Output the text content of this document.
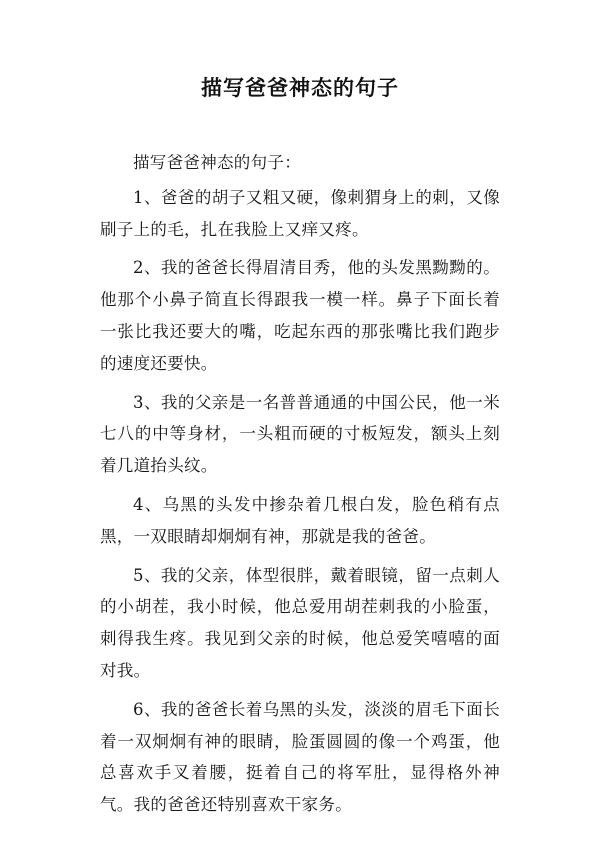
描写爸爸神态的句子

描写爸爸神态的句子：

1、爸爸的胡子又粗又硬，像刺猬身上的刺，又像刷子上的毛，扎在我脸上又痒又疼。

2、我的爸爸长得眉清目秀，他的头发黑黝黝的。他那个小鼻子简直长得跟我一模一样。鼻子下面长着一张比我还要大的嘴，吃起东西的那张嘴比我们跑步的速度还要快。

3、我的父亲是一名普普通通的中国公民，他一米七八的中等身材，一头粗而硬的寸板短发，额头上刻着几道抬头纹。

4、乌黑的头发中掺杂着几根白发，脸色稍有点黑，一双眼睛却炯炯有神，那就是我的爸爸。

5、我的父亲，体型很胖，戴着眼镜，留一点刺人的小胡茬，我小时候，他总爱用胡茬刺我的小脸蛋，刺得我生疼。我见到父亲的时候，他总爱笑嘻嘻的面对我。

6、我的爸爸长着乌黑的头发，淡淡的眉毛下面长着一双炯炯有神的眼睛，脸蛋圆圆的像一个鸡蛋，他总喜欢手叉着腰，挺着自己的将军肚，显得格外神气。我的爸爸还特别喜欢干家务。
